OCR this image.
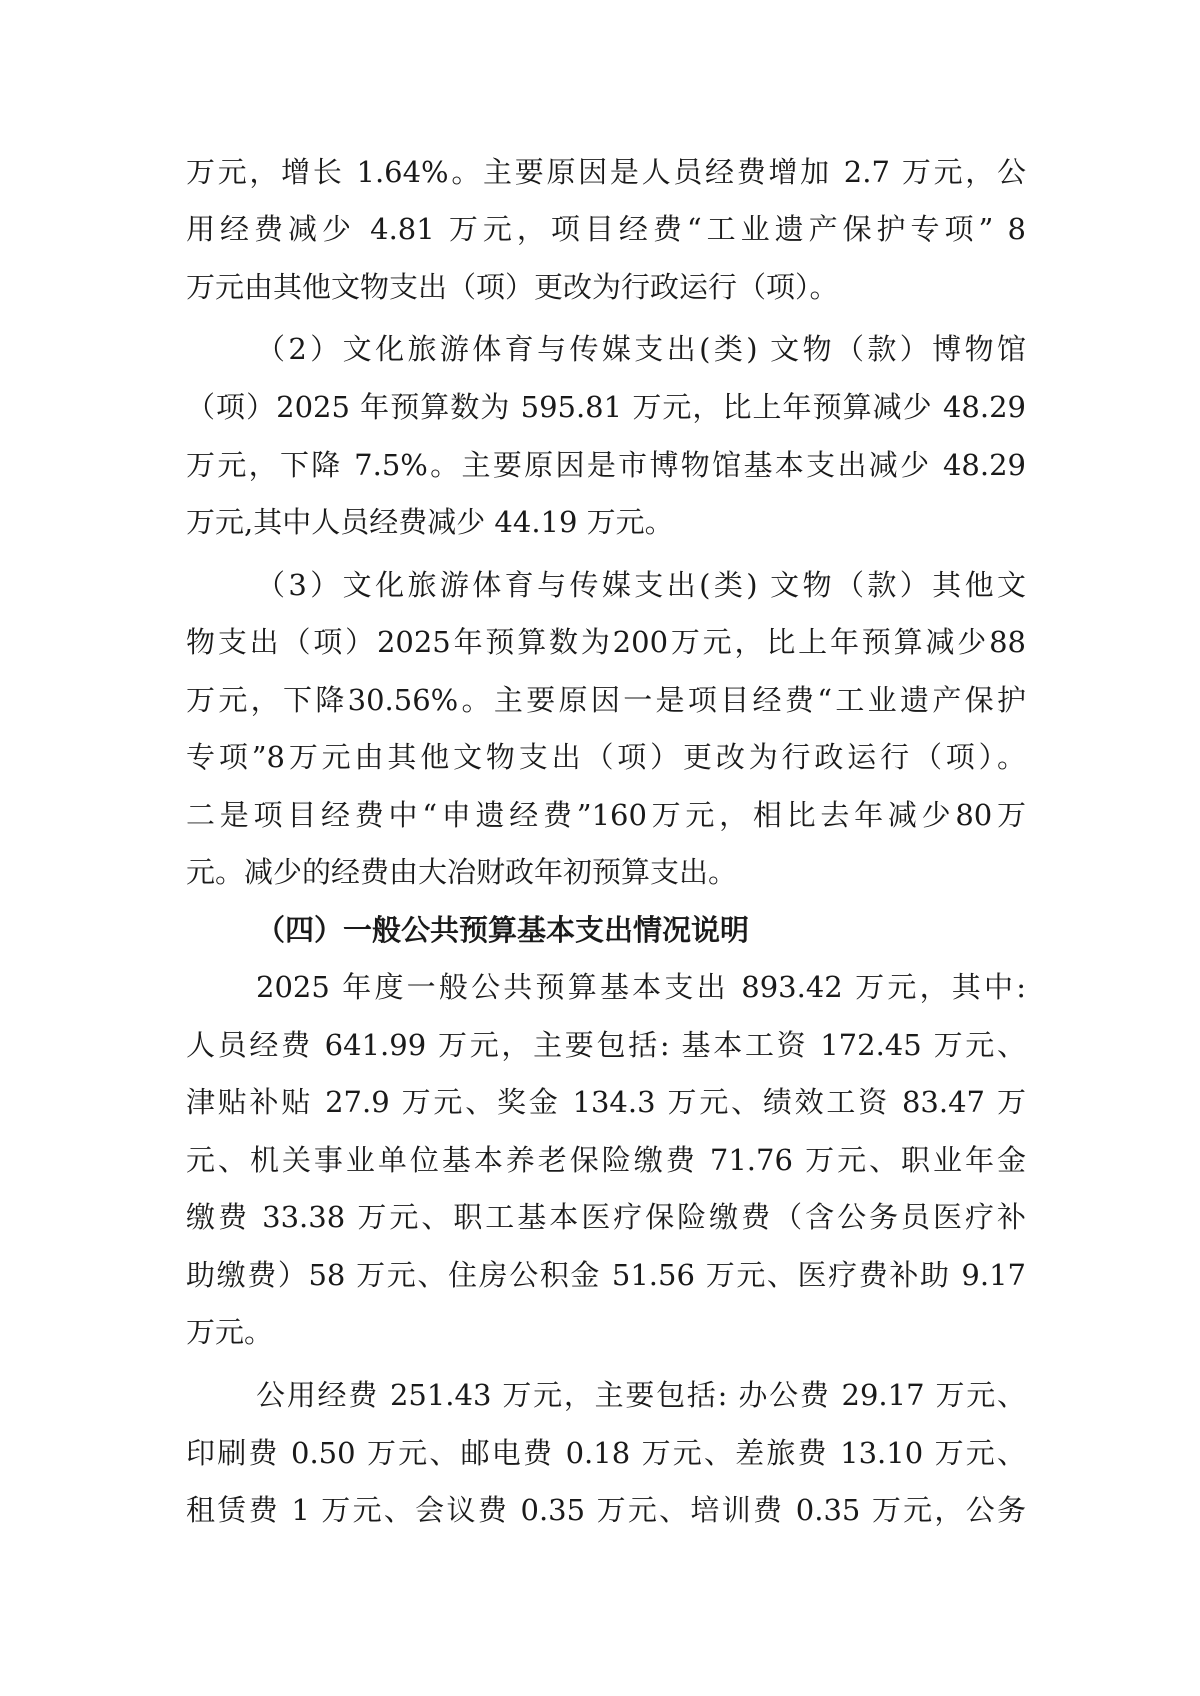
万元，增长 1.64%。主要原因是人员经费增加 2.7 万元，公
用经费减少 4.81 万元，项目经费“工业遗产保护专项” 8
万元由其他文物支出（项）更改为行政运行（项）。
（2）文化旅游体育与传媒支出(类) 文物（款）博物馆
（项）2025 年预算数为 595.81 万元，比上年预算减少 48.29
万元，下降 7.5%。主要原因是市博物馆基本支出减少 48.29
万元,其中人员经费减少 44.19 万元。
（3）文化旅游体育与传媒支出(类) 文物（款）其他文
物支出（项）2025年预算数为200万元，比上年预算减少88
万元，下降30.56%。主要原因一是项目经费“工业遗产保护
专项”8万元由其他文物支出（项）更改为行政运行（项）。
二是项目经费中“申遗经费”160万元，相比去年减少80万
元。减少的经费由大冶财政年初预算支出。
（四）一般公共预算基本支出情况说明
2025 年度一般公共预算基本支出 893.42 万元，其中:
人员经费 641.99 万元，主要包括: 基本工资 172.45 万元、
津贴补贴 27.9 万元、奖金 134.3 万元、绩效工资 83.47 万
元、机关事业单位基本养老保险缴费 71.76 万元、职业年金
缴费 33.38 万元、职工基本医疗保险缴费（含公务员医疗补
助缴费）58 万元、住房公积金 51.56 万元、医疗费补助 9.17
万元。
公用经费 251.43 万元，主要包括: 办公费 29.17 万元、
印刷费 0.50 万元、邮电费 0.18 万元、差旅费 13.10 万元、
租赁费 1 万元、会议费 0.35 万元、培训费 0.35 万元，公务
